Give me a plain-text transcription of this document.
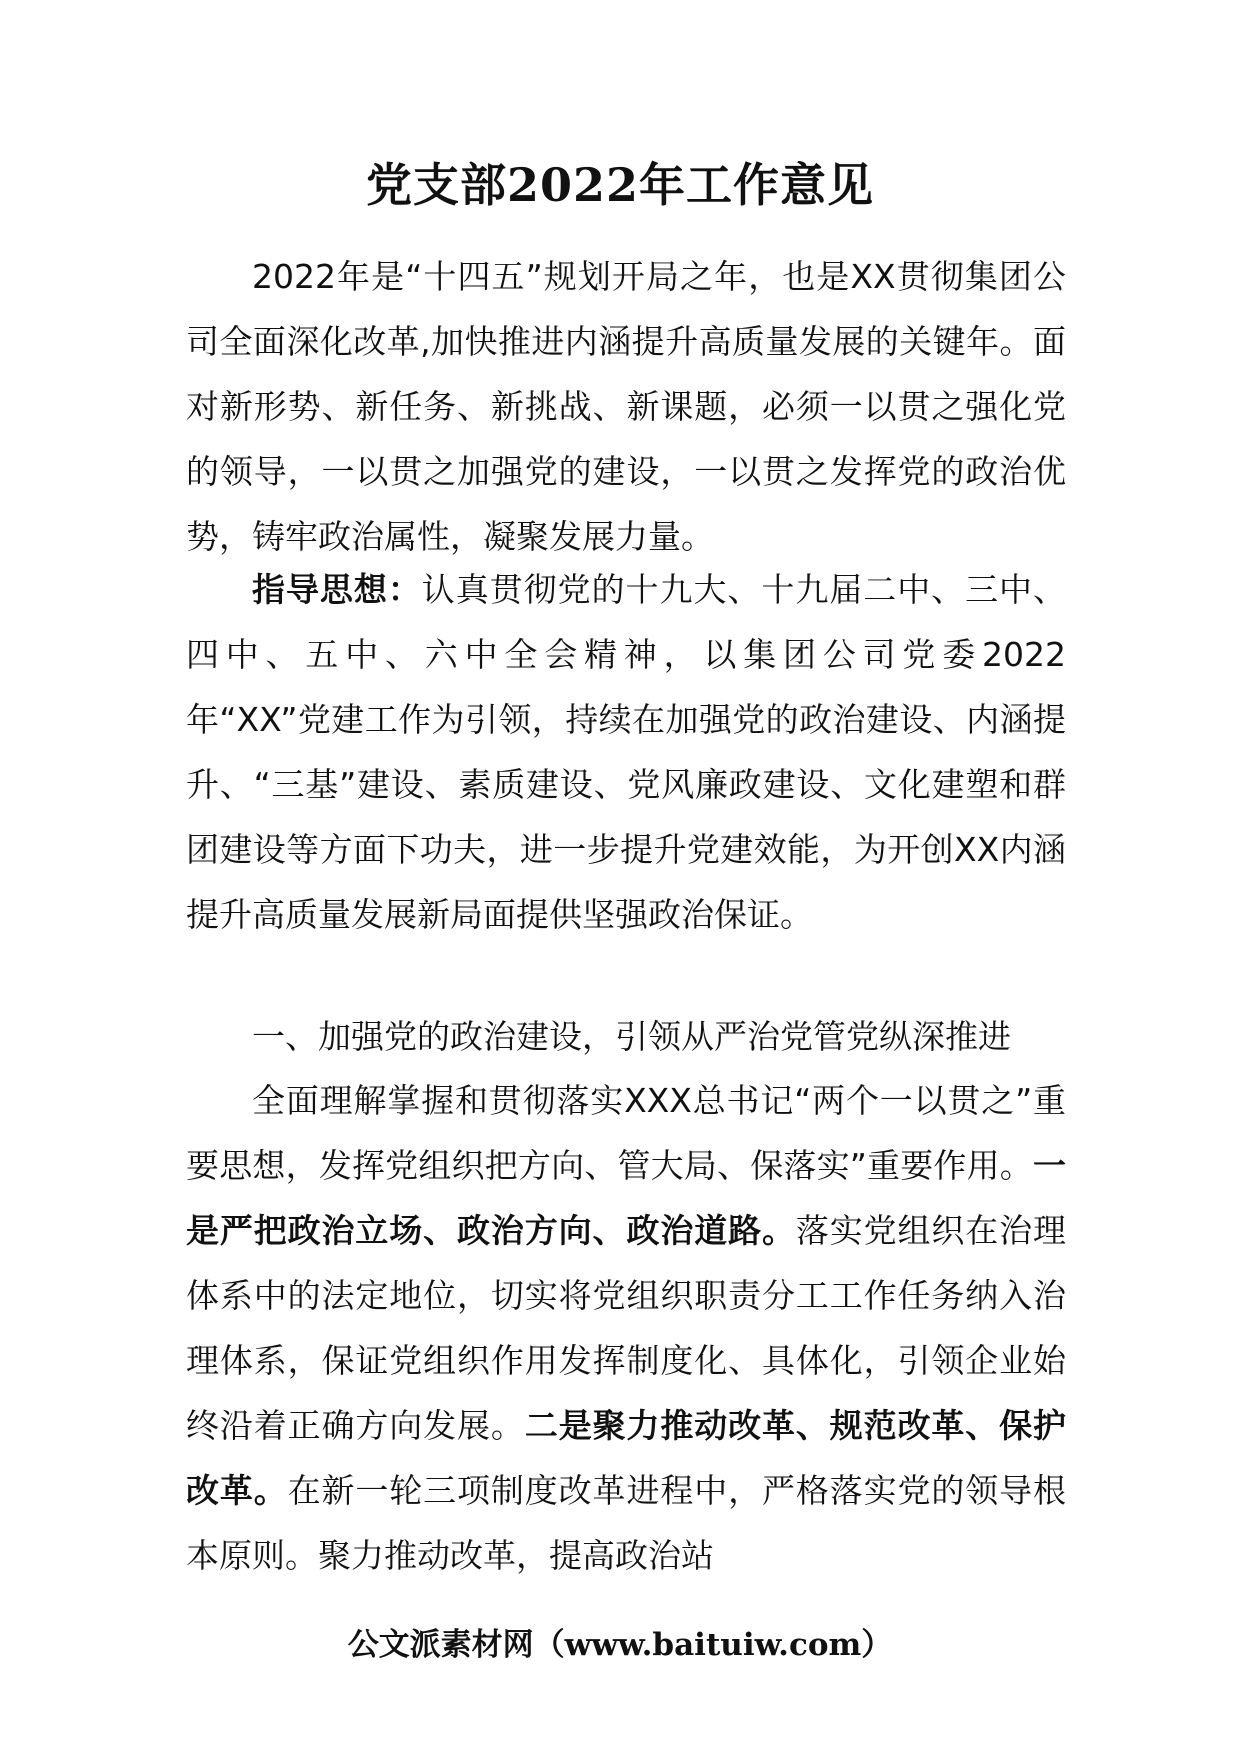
党支部2022年工作意见

2022年是“十四五”规划开局之年，也是XX贯彻集团公司全面深化改革,加快推进内涵提升高质量发展的关键年。面对新形势、新任务、新挑战、新课题，必须一以贯之强化党的领导，一以贯之加强党的建设，一以贯之发挥党的政治优势，铸牢政治属性，凝聚发展力量。

指导思想：认真贯彻党的十九大、十九届二中、三中、四中、五中、六中全会精神，以集团公司党委2022年“XX”党建工作为引领，持续在加强党的政治建设、内涵提升、“三基”建设、素质建设、党风廉政建设、文化建塑和群团建设等方面下功夫，进一步提升党建效能，为开创XX内涵提升高质量发展新局面提供坚强政治保证。

一、加强党的政治建设，引领从严治党管党纵深推进

全面理解掌握和贯彻落实XXX总书记“两个一以贯之”重要思想，发挥党组织把方向、管大局、保落实”重要作用。一是严把政治立场、政治方向、政治道路。落实党组织在治理体系中的法定地位，切实将党组织职责分工工作任务纳入治理体系，保证党组织作用发挥制度化、具体化，引领企业始终沿着正确方向发展。二是聚力推动改革、规范改革、保护改革。在新一轮三项制度改革进程中，严格落实党的领导根本原则。聚力推动改革，提高政治站

公文派素材网（www.baituiw.com）
